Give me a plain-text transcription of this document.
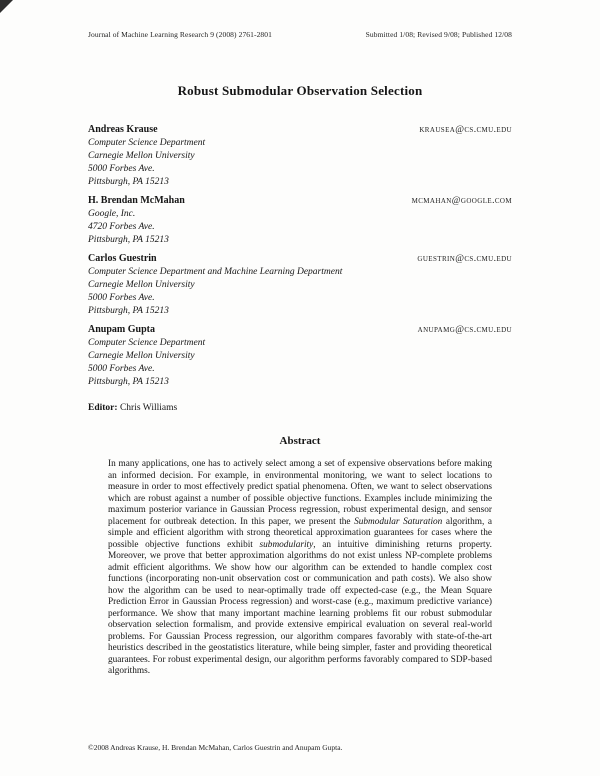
Journal of Machine Learning Research 9 (2008) 2761-2801	Submitted 1/08; Revised 9/08; Published 12/08
Robust Submodular Observation Selection
Andreas Krause	krausea@cs.cmu.edu
Computer Science Department
Carnegie Mellon University
5000 Forbes Ave.
Pittsburgh, PA 15213
H. Brendan McMahan	mcmahan@google.com
Google, Inc.
4720 Forbes Ave.
Pittsburgh, PA 15213
Carlos Guestrin	guestrin@cs.cmu.edu
Computer Science Department and Machine Learning Department
Carnegie Mellon University
5000 Forbes Ave.
Pittsburgh, PA 15213
Anupam Gupta	anupamg@cs.cmu.edu
Computer Science Department
Carnegie Mellon University
5000 Forbes Ave.
Pittsburgh, PA 15213
Editor: Chris Williams
Abstract

In many applications, one has to actively select among a set of expensive observations before making an informed decision. For example, in environmental monitoring, we want to select locations to measure in order to most effectively predict spatial phenomena. Often, we want to select observations which are robust against a number of possible objective functions. Examples include minimizing the maximum posterior variance in Gaussian Process regression, robust experimental design, and sensor placement for outbreak detection. In this paper, we present the Submodular Saturation algorithm, a simple and efficient algorithm with strong theoretical approximation guarantees for cases where the possible objective functions exhibit submodularity, an intuitive diminishing returns property. Moreover, we prove that better approximation algorithms do not exist unless NP-complete problems admit efficient algorithms. We show how our algorithm can be extended to handle complex cost functions (incorporating non-unit observation cost or communication and path costs). We also show how the algorithm can be used to near-optimally trade off expected-case (e.g., the Mean Square Prediction Error in Gaussian Process regression) and worst-case (e.g., maximum predictive variance) performance. We show that many important machine learning problems fit our robust submodular observation selection formalism, and provide extensive empirical evaluation on several real-world problems. For Gaussian Process regression, our algorithm compares favorably with state-of-the-art heuristics described in the geostatistics literature, while being simpler, faster and providing theoretical guarantees. For robust experimental design, our algorithm performs favorably compared to SDP-based algorithms.

©2008 Andreas Krause, H. Brendan McMahan, Carlos Guestrin and Anupam Gupta.
